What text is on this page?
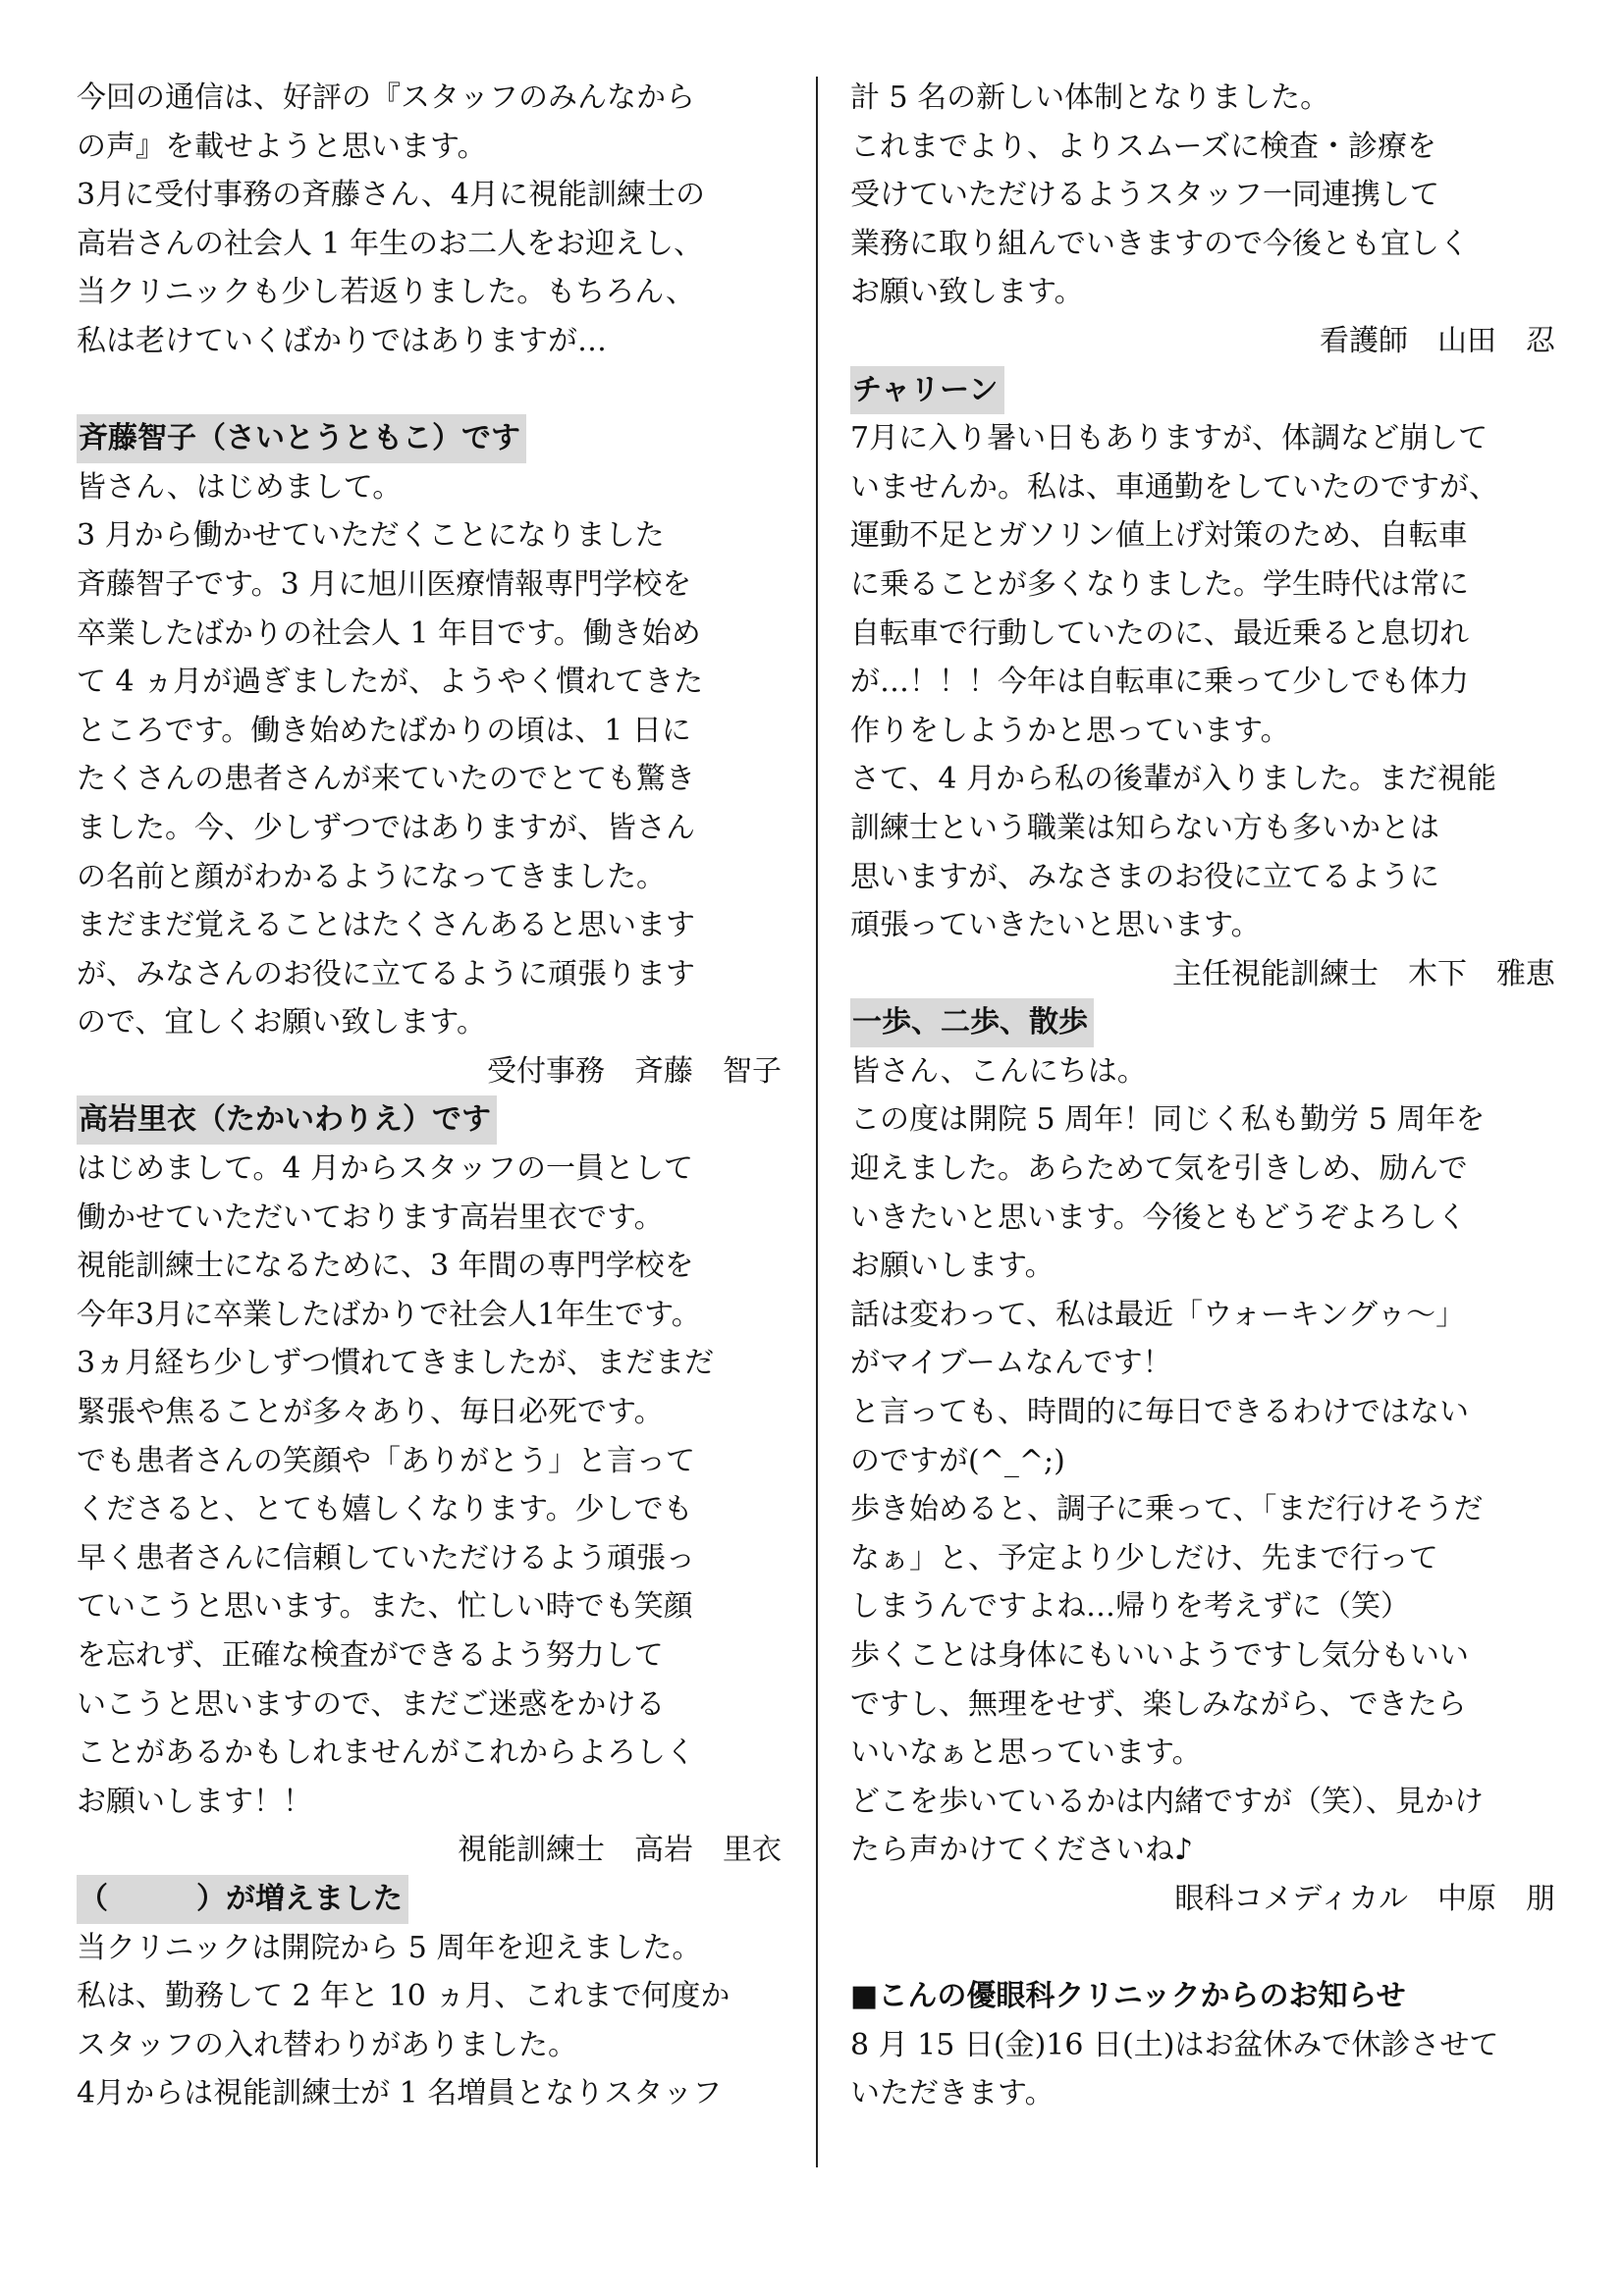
今回の通信は、好評の『スタッフのみんなから
の声』を載せようと思います。
3月に受付事務の斉藤さん、4月に視能訓練士の
高岩さんの社会人 1 年生のお二人をお迎えし、
当クリニックも少し若返りました。もちろん、
私は老けていくばかりではありますが…
斉藤智子（さいとうともこ）です
皆さん、はじめまして。
3 月から働かせていただくことになりました
斉藤智子です。3 月に旭川医療情報専門学校を
卒業したばかりの社会人 1 年目です。働き始め
て 4 ヵ月が過ぎましたが、ようやく慣れてきた
ところです。働き始めたばかりの頃は、1 日に
たくさんの患者さんが来ていたのでとても驚き
ました。今、少しずつではありますが、皆さん
の名前と顔がわかるようになってきました。
まだまだ覚えることはたくさんあると思います
が、みなさんのお役に立てるように頑張ります
ので、宜しくお願い致します。
受付事務　斉藤　智子
高岩里衣（たかいわりえ）です
はじめまして。4 月からスタッフの一員として
働かせていただいております高岩里衣です。
視能訓練士になるために、3 年間の専門学校を
今年3月に卒業したばかりで社会人1年生です。
3ヵ月経ち少しずつ慣れてきましたが、まだまだ
緊張や焦ることが多々あり、毎日必死です。
でも患者さんの笑顔や「ありがとう」と言って
くださると、とても嬉しくなります。少しでも
早く患者さんに信頼していただけるよう頑張っ
ていこうと思います。また、忙しい時でも笑顔
を忘れず、正確な検査ができるよう努力して
いこうと思いますので、まだご迷惑をかける
ことがあるかもしれませんがこれからよろしく
お願いします！！
視能訓練士　高岩　里衣
（　　　）が増えました
当クリニックは開院から 5 周年を迎えました。
私は、勤務して 2 年と 10 ヵ月、これまで何度か
スタッフの入れ替わりがありました。
4月からは視能訓練士が 1 名増員となりスタッフ
計 5 名の新しい体制となりました。
これまでより、よりスムーズに検査・診療を
受けていただけるようスタッフ一同連携して
業務に取り組んでいきますので今後とも宜しく
お願い致します。
看護師　山田　忍
チャリーン
7月に入り暑い日もありますが、体調など崩して
いませんか。私は、車通勤をしていたのですが、
運動不足とガソリン値上げ対策のため、自転車
に乗ることが多くなりました。学生時代は常に
自転車で行動していたのに、最近乗ると息切れ
が…！！！今年は自転車に乗って少しでも体力
作りをしようかと思っています。
さて、4 月から私の後輩が入りました。まだ視能
訓練士という職業は知らない方も多いかとは
思いますが、みなさまのお役に立てるように
頑張っていきたいと思います。
主任視能訓練士　木下　雅恵
一歩、二歩、散歩
皆さん、こんにちは。
この度は開院 5 周年！同じく私も勤労 5 周年を
迎えました。あらためて気を引きしめ、励んで
いきたいと思います。今後ともどうぞよろしく
お願いします。
話は変わって、私は最近「ウォーキングゥ〜」
がマイブームなんです！
と言っても、時間的に毎日できるわけではない
のですが(^_^;)
歩き始めると、調子に乗って、「まだ行けそうだ
なぁ」と、予定より少しだけ、先まで行って
しまうんですよね…帰りを考えずに（笑）
歩くことは身体にもいいようですし気分もいい
ですし、無理をせず、楽しみながら、できたら
いいなぁと思っています。
どこを歩いているかは内緒ですが（笑）、見かけ
たら声かけてくださいね♪
眼科コメディカル　中原　朋
■こんの優眼科クリニックからのお知らせ
8 月 15 日(金)16 日(土)はお盆休みで休診させて
いただきます。
